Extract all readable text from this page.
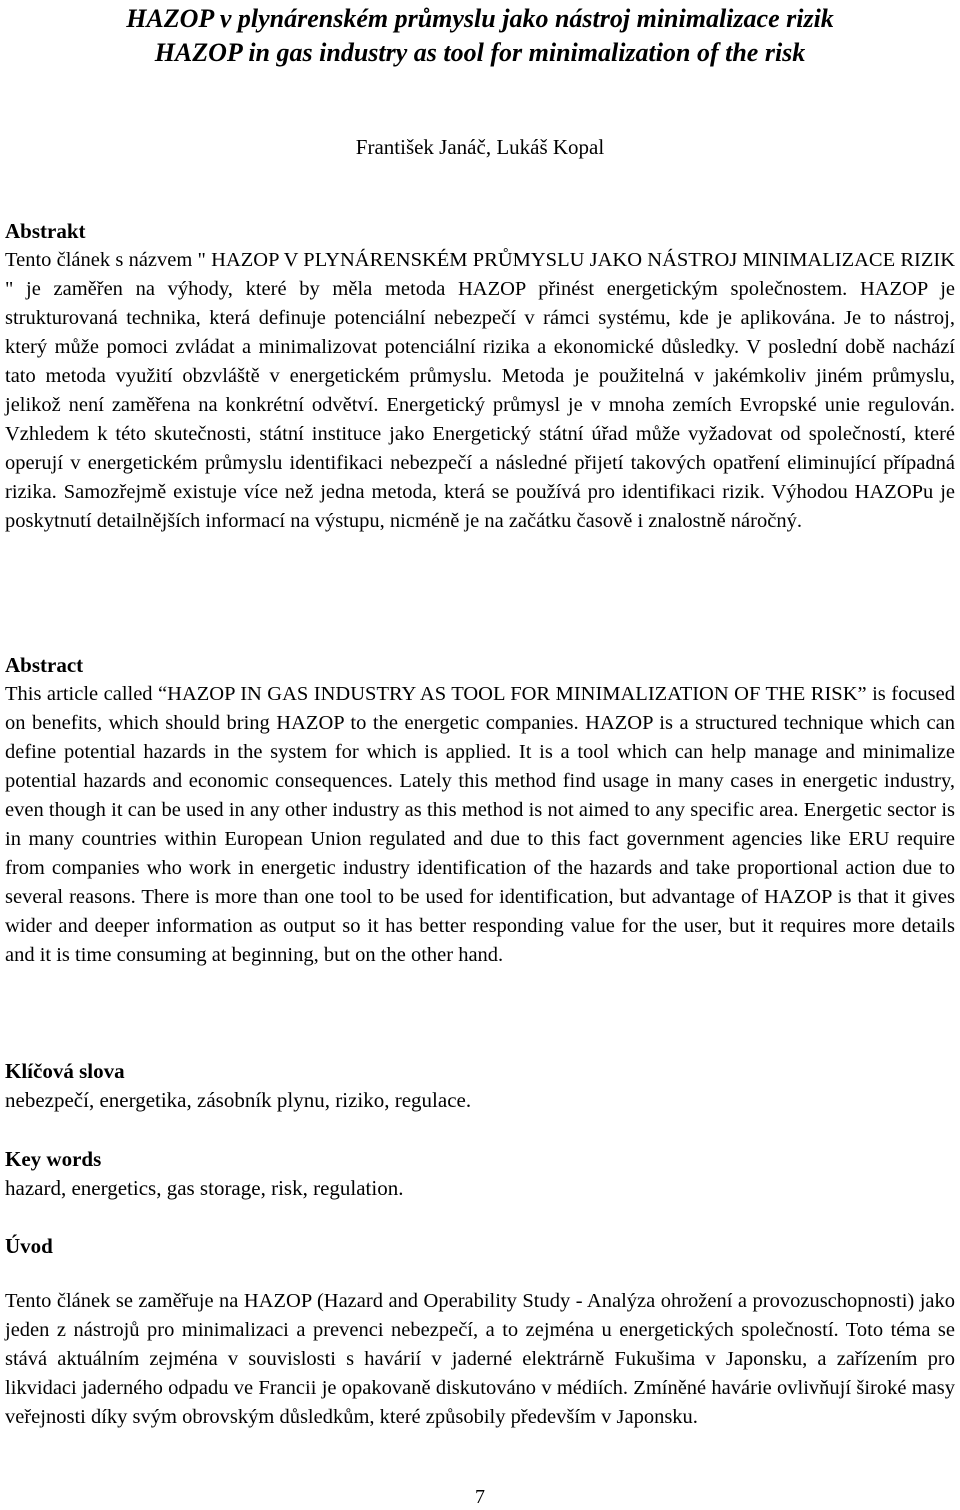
HAZOP v plynárenském průmyslu jako nástroj minimalizace rizik
HAZOP in gas industry as tool for minimalization of the risk
František Janáč, Lukáš Kopal

Abstrakt

Tento článek s názvem " HAZOP V PLYNÁRENSKÉM PRŮMYSLU JAKO NÁSTROJ MINIMALIZACE RIZIK " je zaměřen na výhody, které by měla metoda HAZOP přinést energetickým společnostem. HAZOP je strukturovaná technika, která definuje potenciální nebezpečí v rámci systému, kde je aplikována. Je to nástroj, který může pomoci zvládat a minimalizovat potenciální rizika a ekonomické důsledky. V poslední době nachází tato metoda využití obzvláště v energetickém průmyslu. Metoda je použitelná v jakémkoliv jiném průmyslu, jelikož není zaměřena na konkrétní odvětví. Energetický průmysl je v mnoha zemích Evropské unie regulován. Vzhledem k této skutečnosti, státní instituce jako Energetický státní úřad může vyžadovat od společností, které operují v energetickém průmyslu identifikaci nebezpečí a následné přijetí takových opatření eliminující případná rizika. Samozřejmě existuje více než jedna metoda, která se používá pro identifikaci rizik. Výhodou HAZOPu je poskytnutí detailnějších informací na výstupu, nicméně je na začátku časově i znalostně náročný.

Abstract

This article called “HAZOP IN GAS INDUSTRY AS TOOL FOR MINIMALIZATION OF THE RISK” is focused on benefits, which should bring HAZOP to the energetic companies. HAZOP is a structured technique which can define potential hazards in the system for which is applied. It is a tool which can help manage and minimalize potential hazards and economic consequences. Lately this method find usage in many cases in energetic industry, even though it can be used in any other industry as this method is not aimed to any specific area. Energetic sector is in many countries within European Union regulated and due to this fact government agencies like ERU require from companies who work in energetic industry identification of the hazards and take proportional action due to several reasons. There is more than one tool to be used for identification, but advantage of HAZOP is that it gives wider and deeper information as output so it has better responding value for the user, but it requires more details and it is time consuming at beginning, but on the other hand.

Klíčová slova

nebezpečí, energetika, zásobník plynu, riziko, regulace.

Key words

hazard, energetics, gas storage, risk, regulation.

Úvod

Tento článek se zaměřuje na HAZOP (Hazard and Operability Study - Analýza ohrožení a provozuschopnosti) jako jeden z nástrojů pro minimalizaci a prevenci nebezpečí, a to zejména u energetických společností. Toto téma se stává aktuálním zejména v souvislosti s havárií v jaderné elektrárně Fukušima v Japonsku, a zařízením pro likvidaci jaderného odpadu ve Francii je opakovaně diskutováno v médiích. Zmíněné havárie ovlivňují široké masy veřejnosti díky svým obrovským důsledkům, které způsobily především v Japonsku.

7
